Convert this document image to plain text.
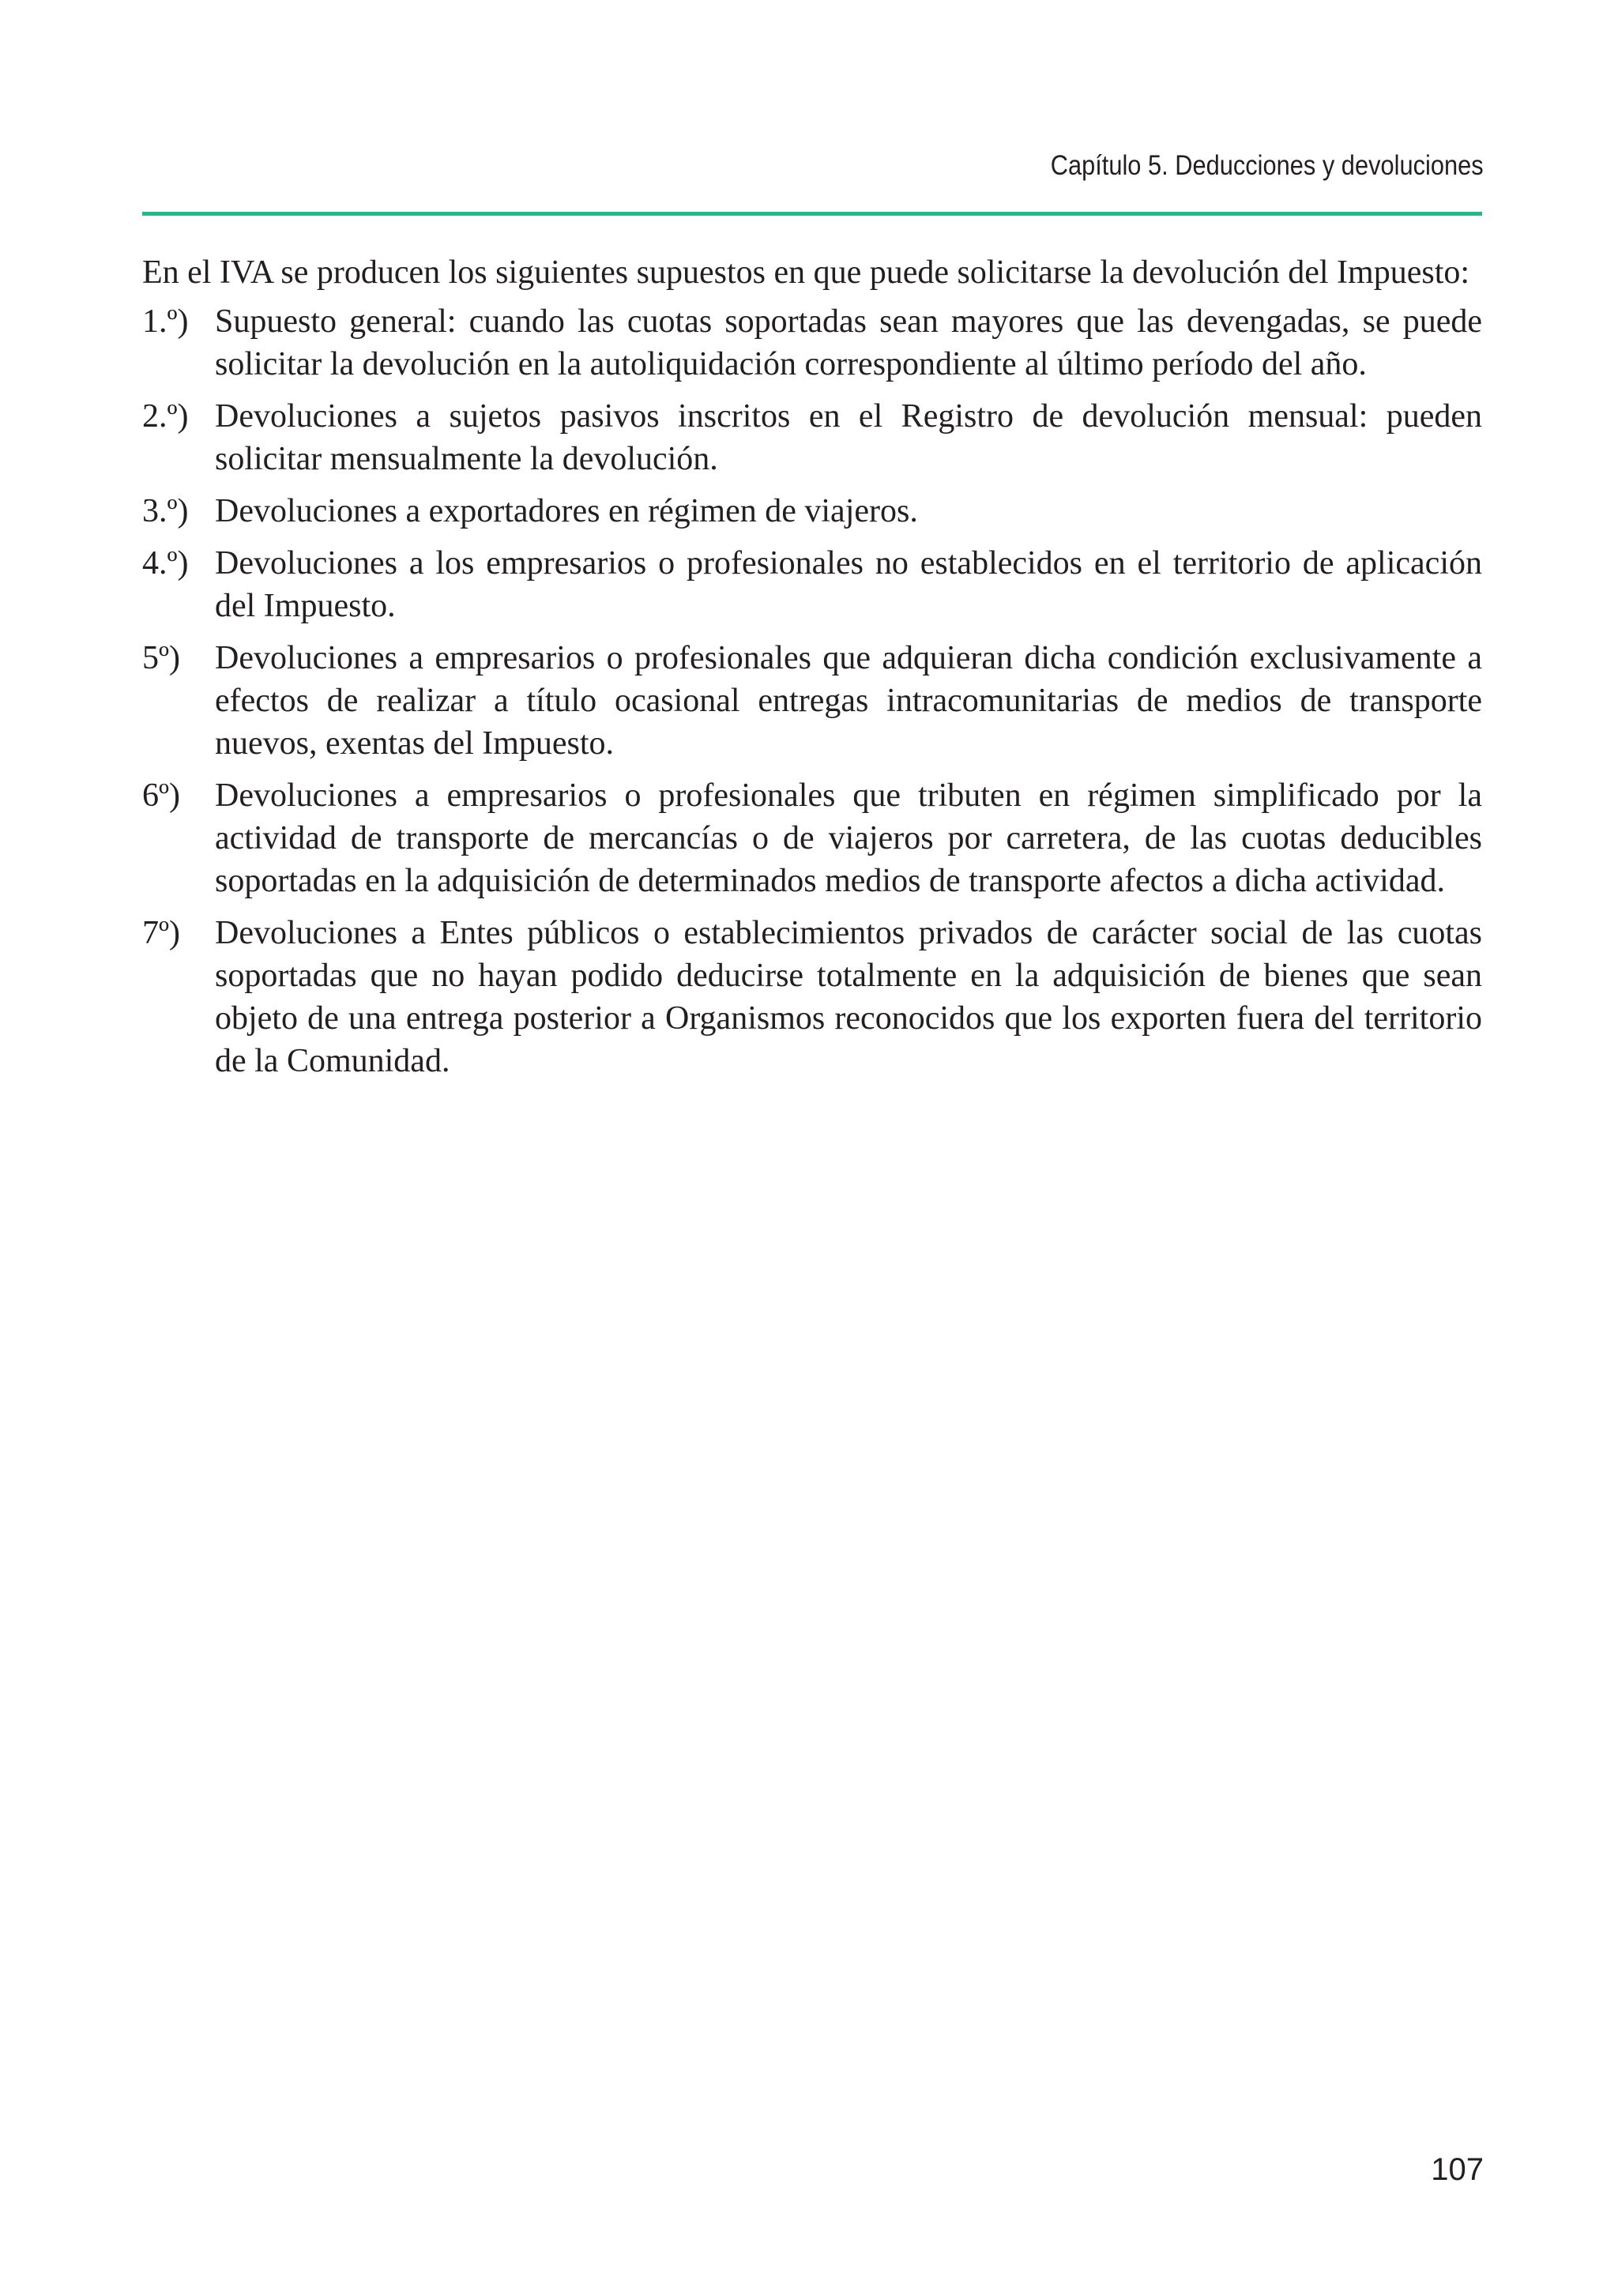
Capítulo 5. Deducciones y devoluciones

En el IVA se producen los siguientes supuestos en que puede solicitarse la devolución del Impuesto:

1.º) Supuesto general: cuando las cuotas soportadas sean mayores que las devengadas, se puede solicitar la devolución en la autoliquidación correspondiente al último período del año.
2.º) Devoluciones a sujetos pasivos inscritos en el Registro de devolución mensual: pueden solicitar mensualmente la devolución.
3.º) Devoluciones a exportadores en régimen de viajeros.
4.º) Devoluciones a los empresarios o profesionales no establecidos en el territorio de aplicación del Impuesto.
5º)	Devoluciones a empresarios o profesionales que adquieran dicha condición exclusivamente a efectos de realizar a título ocasional entregas intracomunitarias de medios de transporte nuevos, exentas del Impuesto.
6º)	Devoluciones a empresarios o profesionales que tributen en régimen simplificado por la actividad de transporte de mercancías o de viajeros por carretera, de las cuotas deducibles soportadas en la adquisición de determinados medios de transporte afectos a dicha actividad.
7º)	Devoluciones a Entes públicos o establecimientos privados de carácter social de las cuotas soportadas que no hayan podido deducirse totalmente en la adquisición de bienes que sean objeto de una entrega posterior a Organismos reconocidos que los exporten fuera del territorio de la Comunidad.
107
